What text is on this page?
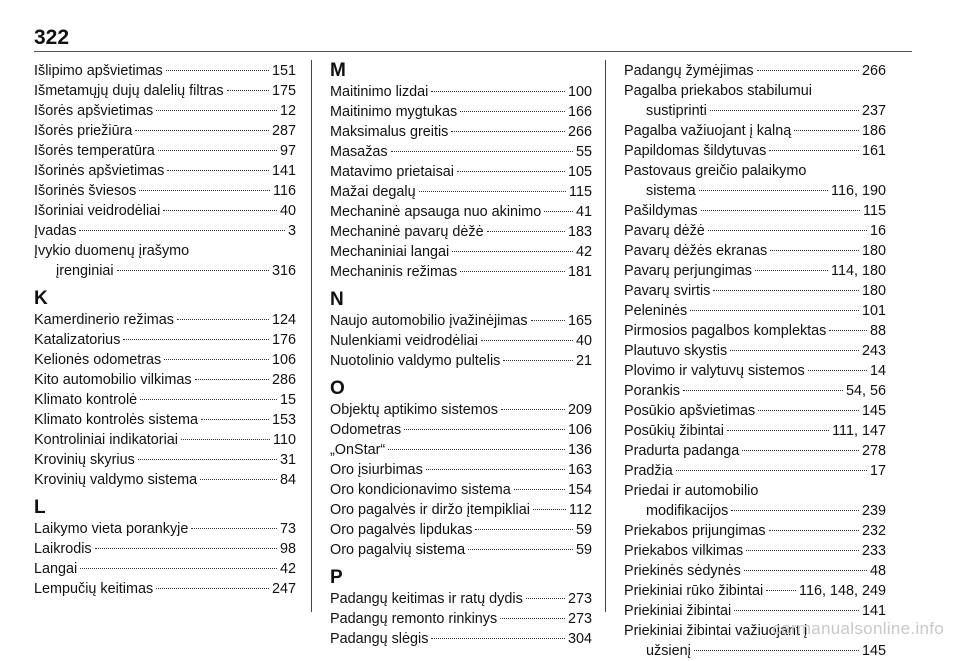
322
Išlipimo apšvietimas	151
Išmetamųjų dujų dalelių filtras	175
Išorės apšvietimas	12
Išorės priežiūra	287
Išorės temperatūra	97
Išorinės apšvietimas	141
Išorinės šviesos	116
Išoriniai veidrodėliai	40
Įvadas	3
Įvykio duomenų įrašymo
įrenginiai	316
K
Kamerdinerio režimas	124
Katalizatorius	176
Kelionės odometras	106
Kito automobilio vilkimas	286
Klimato kontrolė	15
Klimato kontrolės sistema	153
Kontroliniai indikatoriai	110
Krovinių skyrius	31
Krovinių valdymo sistema	84
L
Laikymo vieta porankyje	73
Laikrodis	98
Langai	42
Lempučių keitimas	247
M
Maitinimo lizdai	100
Maitinimo mygtukas	166
Maksimalus greitis	266
Masažas	55
Matavimo prietaisai	105
Mažai degalų	115
Mechaninė apsauga nuo akinimo 41
Mechaninė pavarų dėžė	183
Mechaniniai langai	42
Mechaninis režimas	181
N
Naujo automobilio įvažinėjimas	165
Nulenkiami veidrodėliai	40
Nuotolinio valdymo pultelis	21
O
Objektų aptikimo sistemos	209
Odometras	106
„OnStar“	136
Oro įsiurbimas	163
Oro kondicionavimo sistema	154
Oro pagalvės ir diržo įtempikliai	112
Oro pagalvės lipdukas	59
Oro pagalvių sistema	59
P
Padangų keitimas ir ratų dydis	273
Padangų remonto rinkinys	273
Padangų slėgis	304
Padangų žymėjimas	266
Pagalba priekabos stabilumui
sustiprinti	237
Pagalba važiuojant į kalną	186
Papildomas šildytuvas	161
Pastovaus greičio palaikymo
sistema	116, 190
Pašildymas	115
Pavarų dėžė	16
Pavarų dėžės ekranas	180
Pavarų perjungimas	114, 180
Pavarų svirtis	180
Peleninės	101
Pirmosios pagalbos komplektas	88
Plautuvo skystis	243
Plovimo ir valytuvų sistemos	14
Porankis	54, 56
Posūkio apšvietimas	145
Posūkių žibintai	111, 147
Pradurta padanga	278
Pradžia	17
Priedai ir automobilio
modifikacijos	239
Priekabos prijungimas	232
Priekabos vilkimas	233
Priekinės sėdynės	48
Priekiniai rūko žibintai 116, 148, 249
Priekiniai žibintai	141
Priekiniai žibintai važiuojant į
užsienį	145
carmanualsonline.info
